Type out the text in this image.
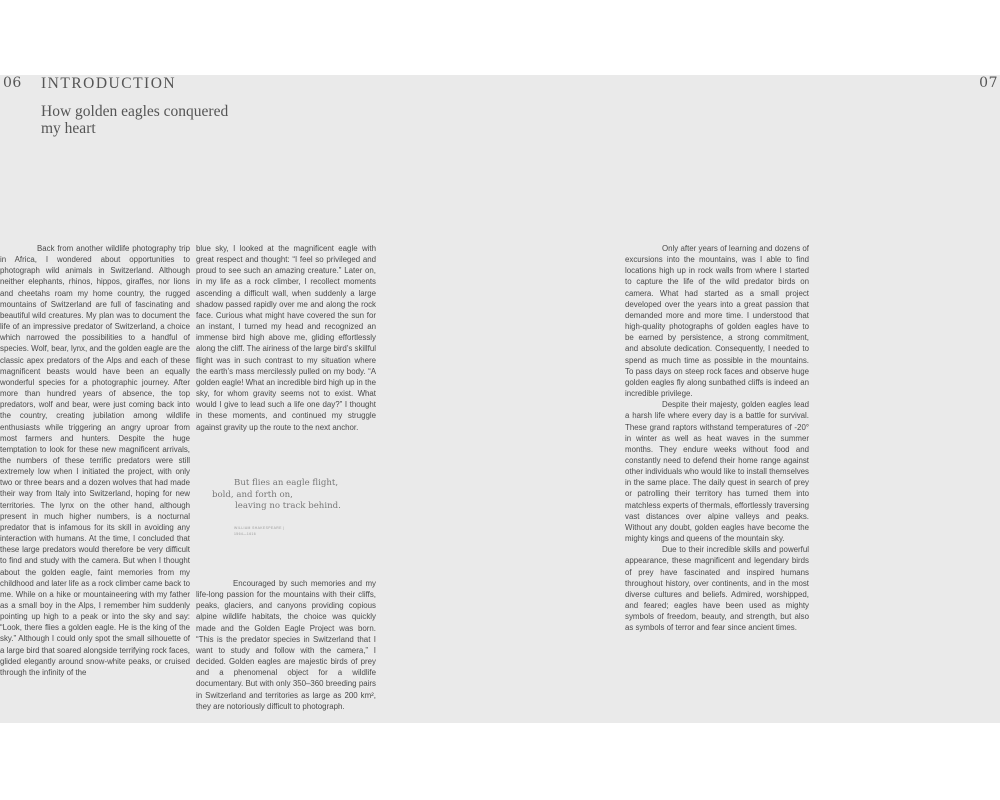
06	07
INTRODUCTION
How golden eagles conquered my heart

Back from another wildlife photography trip in Africa, I wondered about opportunities to photograph wild animals in Switzerland. Although neither elephants, rhinos, hippos, giraffes, nor lions and cheetahs roam my home country, the rugged mountains of Switzerland are full of fascinating and beautiful wild creatures. My plan was to document the life of an impressive predator of Switzerland, a choice which narrowed the possibilities to a handful of species. Wolf, bear, lynx, and the golden eagle are the classic apex predators of the Alps and each of these magnificent beasts would have been an equally wonderful species for a photographic journey. After more than hundred years of absence, the top predators, wolf and bear, were just coming back into the country, creating jubilation among wildlife enthusiasts while triggering an angry uproar from most farmers and hunters. Despite the huge temptation to look for these new magnificent arrivals, the numbers of these terrific predators were still extremely low when I initiated the project, with only two or three bears and a dozen wolves that had made their way from Italy into Switzerland, hoping for new territories. The lynx on the other hand, although present in much higher numbers, is a nocturnal predator that is infamous for its skill in avoiding any interaction with humans. At the time, I concluded that these large predators would therefore be very difficult to find and study with the camera. But when I thought about the golden eagle, faint memories from my childhood and later life as a rock climber came back to me. While on a hike or mountaineering with my father as a small boy in the Alps, I remember him suddenly pointing up high to a peak or into the sky and say: “Look, there flies a golden eagle. He is the king of the sky.” Although I could only spot the small silhouette of a large bird that soared alongside terrifying rock faces, glided elegantly around snow-white peaks, or cruised through the infinity of the

blue sky, I looked at the magnificent eagle with great respect and thought: “I feel so privileged and proud to see such an amazing creature.” Later on, in my life as a rock climber, I recollect moments ascending a difficult wall, when suddenly a large shadow passed rapidly over me and along the rock face. Curious what might have covered the sun for an instant, I turned my head and recognized an immense bird high above me, gliding effortlessly along the cliff. The airiness of the large bird’s skillful flight was in such contrast to my situation where the earth’s mass mercilessly pulled on my body. “A golden eagle! What an incredible bird high up in the sky, for whom gravity seems not to exist. What would I give to lead such a life one day?” I thought in these moments, and continued my struggle against gravity up the route to the next anchor.

But flies an eagle flight,
bold, and forth on,
leaving no track behind.
WILLIAM SHAKESPEARE |
1564—1616

Encouraged by such memories and my life-long passion for the mountains with their cliffs, peaks, glaciers, and canyons providing copious alpine wildlife habitats, the choice was quickly made and the Golden Eagle Project was born. “This is the predator species in Switzerland that I want to study and follow with the camera,” I decided. Golden eagles are majestic birds of prey and a phenomenal object for a wildlife documentary. But with only 350–360 breeding pairs in Switzerland and territories as large as 200 km², they are notoriously difficult to photograph.

Only after years of learning and dozens of excursions into the mountains, was I able to find locations high up in rock walls from where I started to capture the life of the wild predator birds on camera. What had started as a small project developed over the years into a great passion that demanded more and more time. I understood that high-quality photographs of golden eagles have to be earned by persistence, a strong commitment, and absolute dedication. Consequently, I needed to spend as much time as possible in the mountains. To pass days on steep rock faces and observe huge golden eagles fly along sunbathed cliffs is indeed an incredible privilege.

Despite their majesty, golden eagles lead a harsh life where every day is a battle for survival. These grand raptors withstand temperatures of -20° in winter as well as heat waves in the summer months. They endure weeks without food and constantly need to defend their home range against other individuals who would like to install themselves in the same place. The daily quest in search of prey or patrolling their territory has turned them into matchless experts of thermals, effortlessly traversing vast distances over alpine valleys and peaks. Without any doubt, golden eagles have become the mighty kings and queens of the mountain sky.

Due to their incredible skills and powerful appearance, these magnificent and legendary birds of prey have fascinated and inspired humans throughout history, over continents, and in the most diverse cultures and beliefs. Admired, worshipped, and feared; eagles have been used as mighty symbols of freedom, beauty, and strength, but also as symbols of terror and fear since ancient times.
